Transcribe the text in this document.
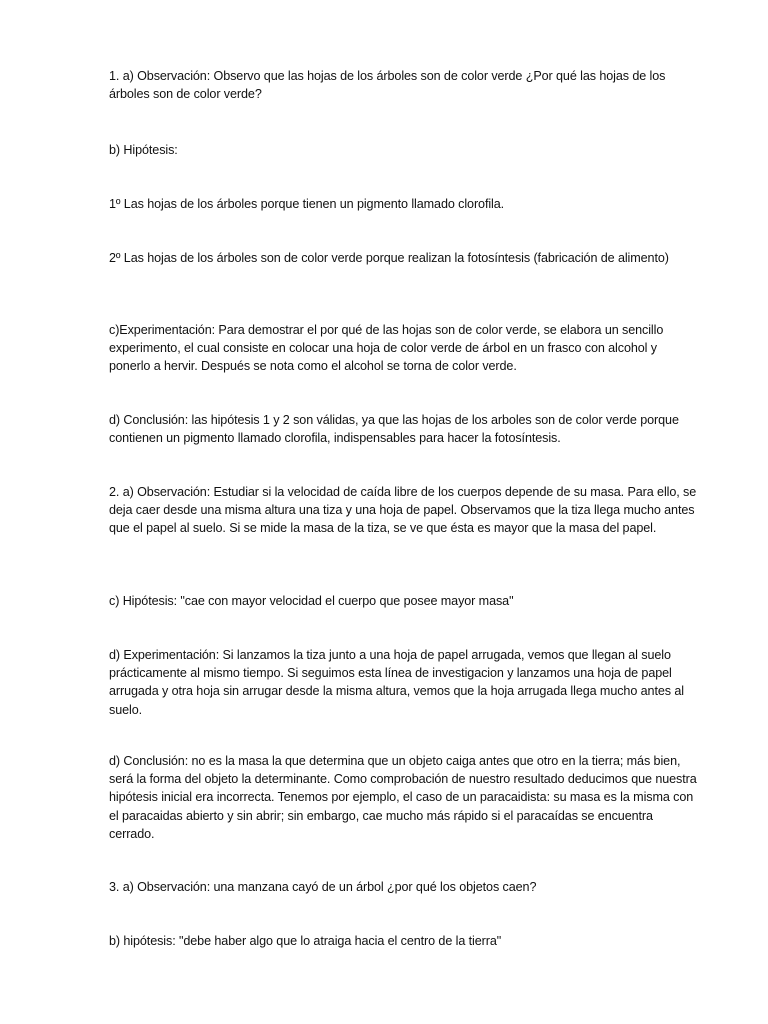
1. a) Observación: Observo que las hojas de los árboles son de color verde ¿Por qué las hojas de los árboles son de color verde?

b) Hipótesis:

1º Las hojas de los árboles porque tienen un pigmento llamado clorofila.

2º Las hojas de los árboles son de color verde porque realizan la fotosíntesis (fabricación de alimento)

c)Experimentación: Para demostrar el por qué de las hojas son de color verde, se elabora un sencillo experimento, el cual consiste en colocar una hoja de color verde de árbol en un frasco con alcohol y ponerlo a hervir. Después se nota como el alcohol se torna de color verde.

d) Conclusión: las hipótesis 1 y 2 son válidas, ya que las hojas de los arboles son de color verde porque contienen un pigmento llamado clorofila, indispensables para hacer la fotosíntesis.

2. a) Observación: Estudiar si la velocidad de caída libre de los cuerpos depende de su masa. Para ello, se deja caer desde una misma altura una tiza y una hoja de papel. Observamos que la tiza llega mucho antes que el papel al suelo. Si se mide la masa de la tiza, se ve que ésta es mayor que la masa del papel.

c) Hipótesis: "cae con mayor velocidad el cuerpo que posee mayor masa"

d) Experimentación: Si lanzamos la tiza junto a una hoja de papel arrugada, vemos que llegan al suelo prácticamente al mismo tiempo. Si seguimos esta línea de investigacion y lanzamos una hoja de papel arrugada y otra hoja sin arrugar desde la misma altura, vemos que la hoja arrugada llega mucho antes al suelo.

d) Conclusión: no es la masa la que determina que un objeto caiga antes que otro en la tierra; más bien, será la forma del objeto la determinante. Como comprobación de nuestro resultado deducimos que nuestra hipótesis inicial era incorrecta. Tenemos por ejemplo, el caso de un paracaidista: su masa es la misma con el paracaidas abierto y sin abrir; sin embargo, cae mucho más rápido si el paracaídas se encuentra cerrado.

3. a) Observación: una manzana cayó de un árbol ¿por qué los objetos caen?

b) hipótesis: "debe haber algo que lo atraiga hacia el centro de la tierra"
